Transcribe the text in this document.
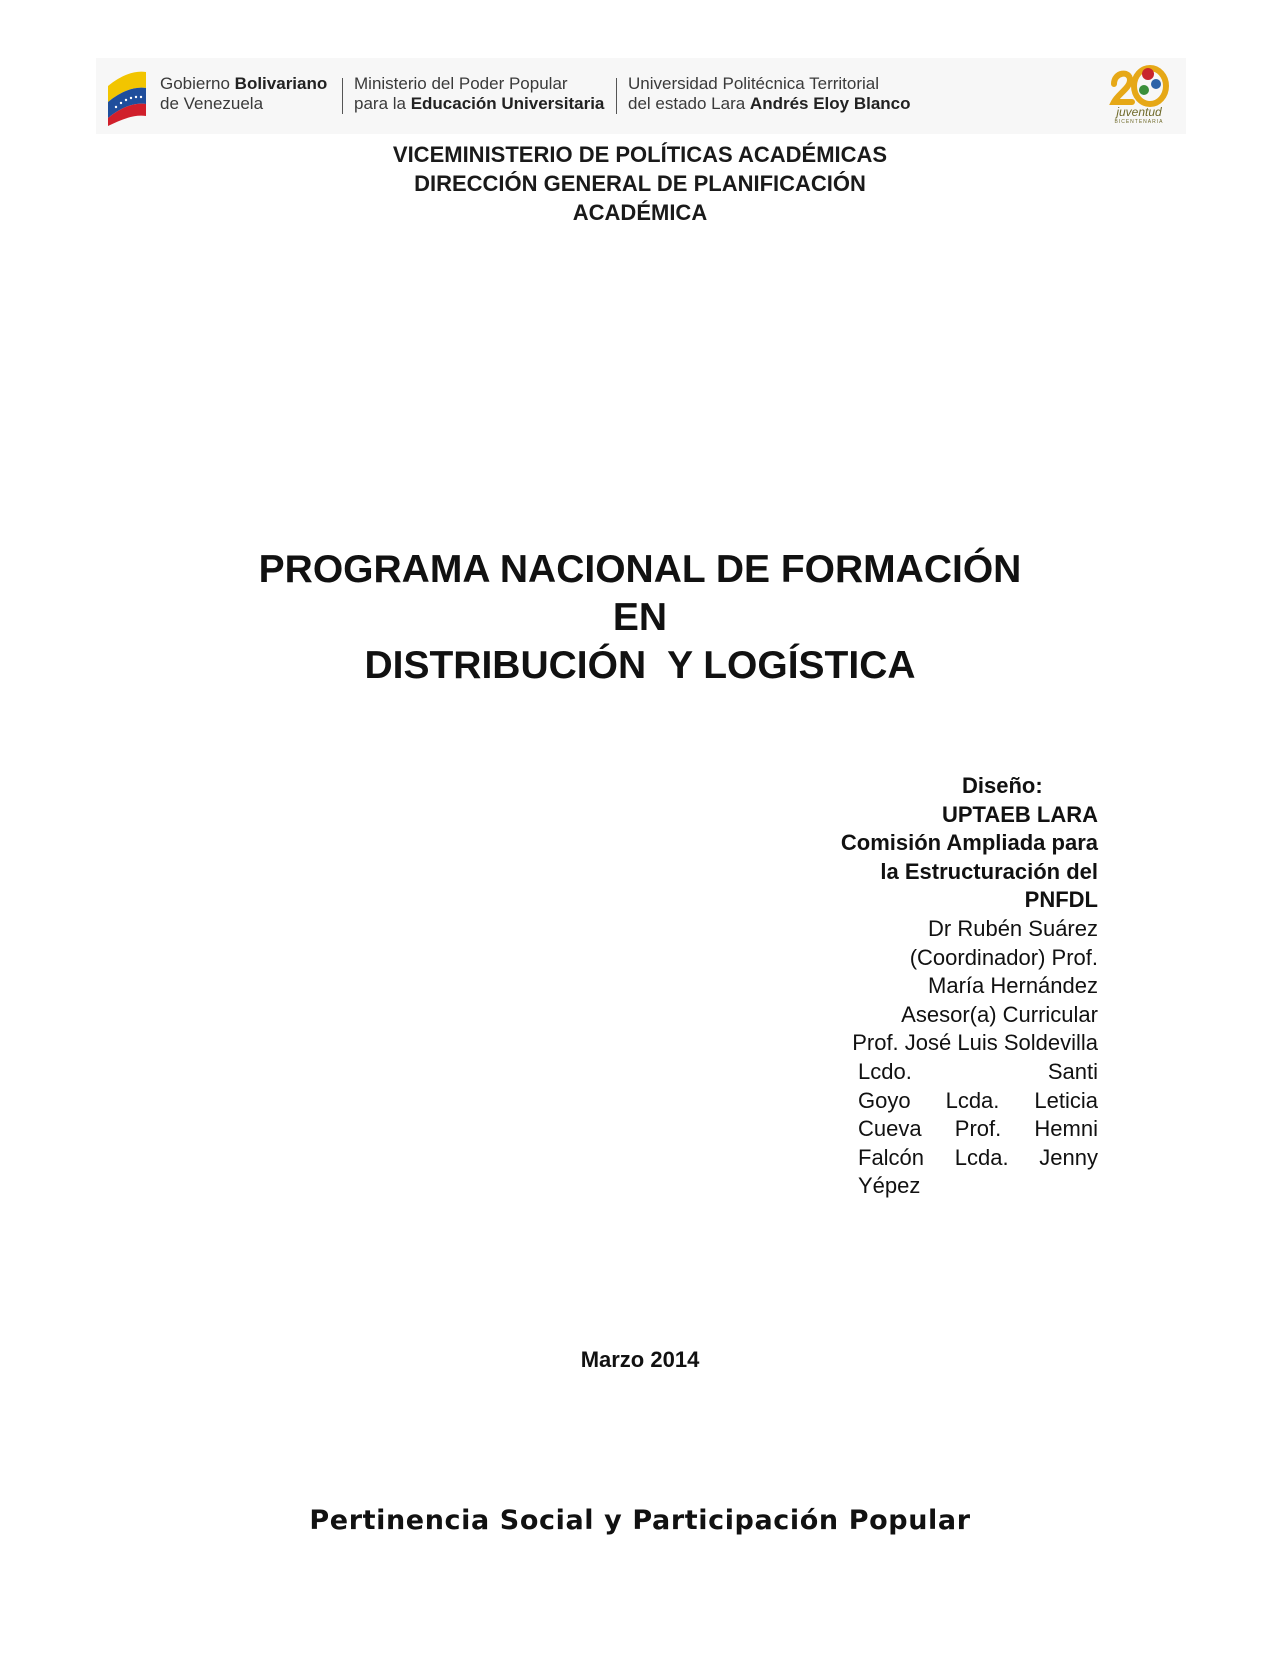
Gobierno Bolivariano
de Venezuela
Ministerio del Poder Popular
para la Educación Universitaria
Universidad Politécnica Territorial
del estado Lara Andrés Eloy Blanco	juventud
BICENTENARIA
VICEMINISTERIO DE POLÍTICAS ACADÉMICAS
DIRECCIÓN GENERAL DE PLANIFICACIÓN
ACADÉMICA
PROGRAMA NACIONAL DE FORMACIÓN
EN
DISTRIBUCIÓN  Y LOGÍSTICA
Diseño:
UPTAEB LARA
Comisión Ampliada para
la Estructuración del
PNFDL
Dr Rubén Suárez
(Coordinador) Prof.
María Hernández
Asesor(a) Curricular
Prof. José Luis Soldevilla
Lcdo.	Santi
Goyo Lcda. Leticia
Cueva Prof. Hemni
Falcón Lcda. Jenny
Yépez
Marzo 2014
Pertinencia Social y Participación Popular
